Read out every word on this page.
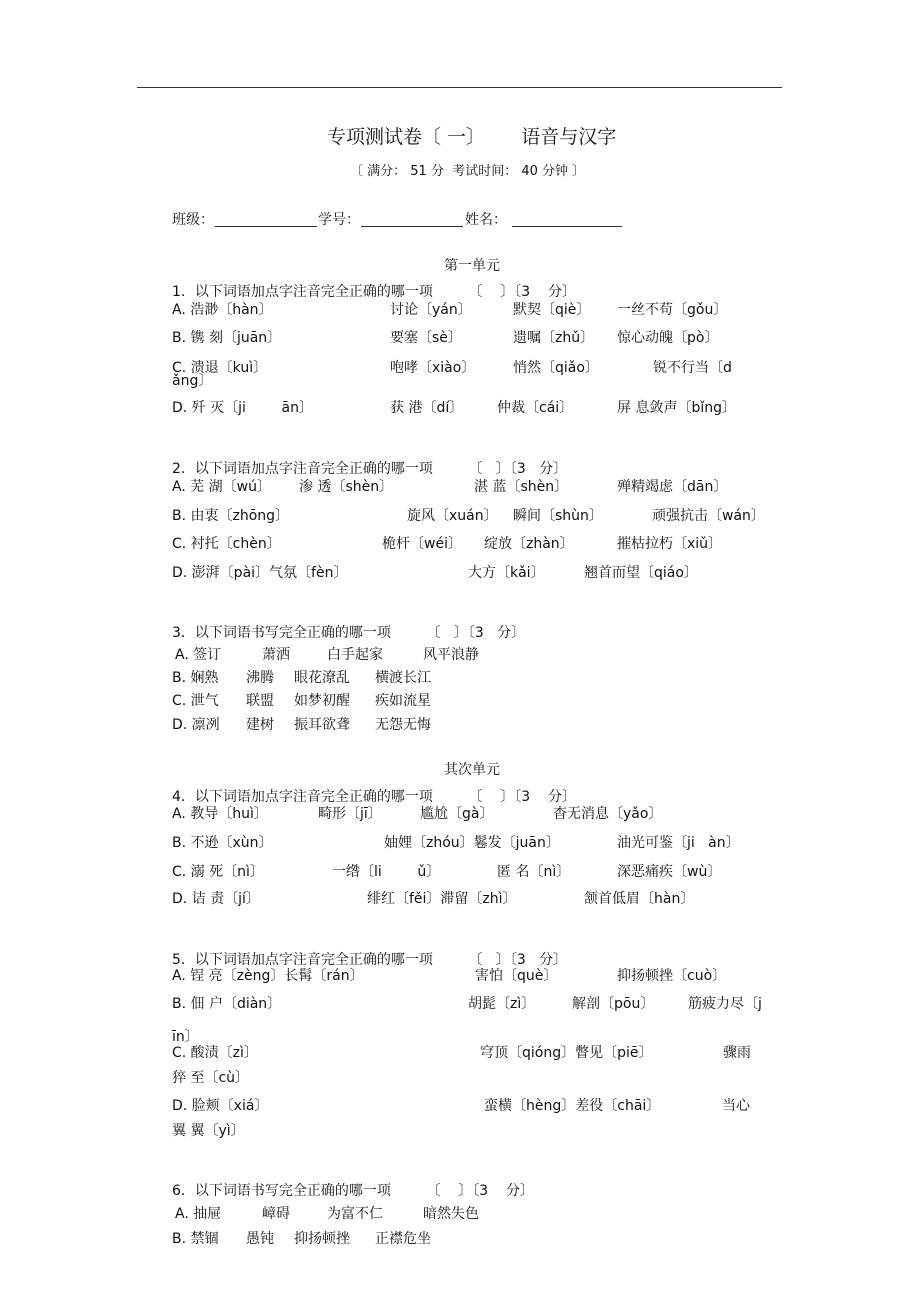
专项测试卷〔 一〕      语音与汉字
〔 满分： 51 分  考试时间： 40 分钟 〕
班级：	学号：	姓名：
第一单元
1．以下词语加点字注音完全正确的哪一项        〔    〕〔3    分〕
A. 浩渺〔hàn〕	讨论〔yán〕	默契〔qiè〕 一丝不苟〔gǒu〕
B. 镌 刻〔juān〕	要塞〔sè〕	遗嘱〔zhǔ〕 惊心动魄〔pò〕
C. 溃退〔kuì〕	咆哮〔xiào〕	悄然〔qiǎo〕	锐不行当〔d
ǎng〕
D. 歼 灭〔ji        ān〕	获 港〔dí〕 仲裁〔cái〕	屏 息敛声〔bǐng〕
2．以下词语加点字注音完全正确的哪一项        〔   〕〔3   分〕
A. 芜 湖〔wú〕 渗 透〔shèn〕	湛 蓝〔shèn〕	殚精竭虑〔dān〕
B. 由衷〔zhōng〕	旋风〔xuán〕 瞬间〔shùn〕	顽强抗击〔wán〕
C. 衬托〔chèn〕	桅杆〔wéi〕 绽放〔zhàn〕	摧枯拉朽〔xiǔ〕
D. 澎湃〔pài〕气氛〔fèn〕	大方〔kǎi〕	翘首而望〔qiáo〕
3．以下词语书写完全正确的哪一项        〔   〕〔3   分〕
A. 签订	萧洒	白手起家	风平浪静
B. 娴熟 沸腾 眼花潦乱 横渡长江
C. 泄气 联盟 如梦初醒 疾如流星
D. 凛冽 建树 振耳欲聋 无怨无悔
其次单元
4．以下词语加点字注音完全正确的哪一项        〔    〕〔3    分〕
A. 教导〔huì〕	畸形〔jī〕	尴尬〔gà〕	杳无消息〔yǎo〕
B. 不逊〔xùn〕	妯娌〔zhóu〕鬈发〔juān〕	油光可鉴〔ji   àn〕
C. 溺 死〔nì〕	一绺〔li        ǔ〕	匿 名〔nì〕	深恶痛疾〔wù〕
D. 诘 责〔jí〕	绯红〔fěi〕滞留〔zhì〕	颔首低眉〔hàn〕
5．以下词语加点字注音完全正确的哪一项        〔   〕〔3   分〕
A. 锃 亮〔zèng〕长髯〔rán〕	害怕〔què〕	抑扬顿挫〔cuò〕
B. 佃 户〔diàn〕	胡髭〔zì〕	解剖〔pōu〕 筋疲力尽〔j
īn〕
C. 酸渍〔zì〕	穹顶〔qióng〕瞥见〔piē〕	骤雨
猝 至〔cù〕
D. 脸颊〔xiá〕	蛮横〔hèng〕差役〔chāi〕	当心
翼 翼〔yì〕
6．以下词语书写完全正确的哪一项        〔    〕〔3    分〕
A. 抽屉	嶂碍	为富不仁	暗然失色
B. 禁锢 愚钝 抑扬顿挫 正襟危坐
